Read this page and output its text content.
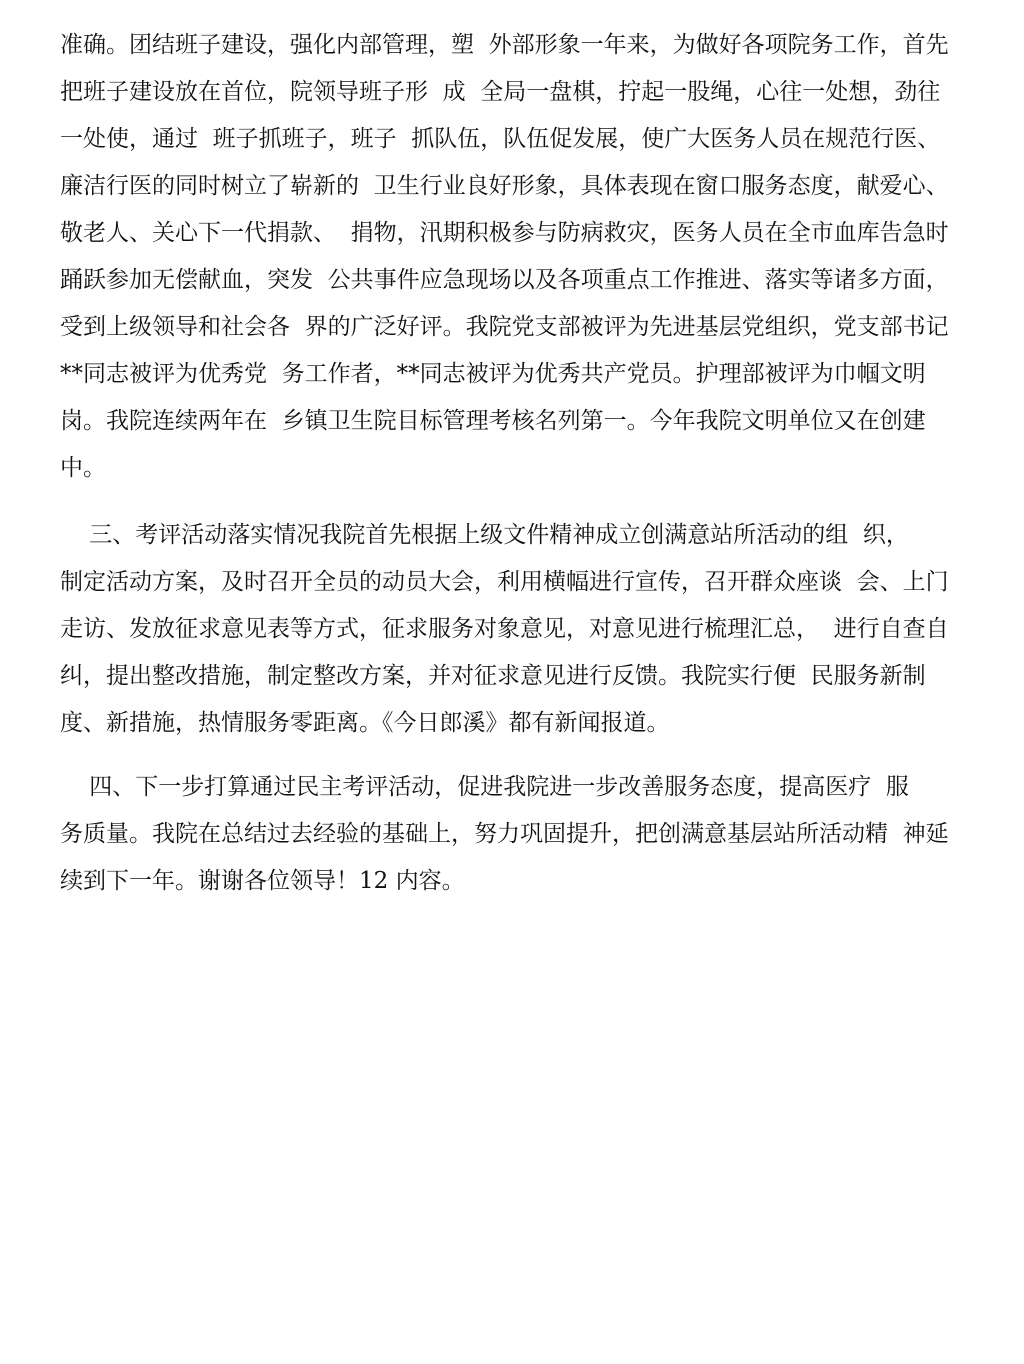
准确。团结班子建设，强化内部管理，塑  外部形象一年来，为做好各项院务工作，首先
把班子建设放在首位，院领导班子形  成  全局一盘棋，拧起一股绳，心往一处想，劲往
一处使，通过  班子抓班子，班子  抓队伍，队伍促发展，使广大医务人员在规范行医、
廉洁行医的同时树立了崭新的  卫生行业良好形象，具体表现在窗口服务态度，献爱心、
敬老人、关心下一代捐款、  捐物，汛期积极参与防病救灾，医务人员在全市血库告急时
踊跃参加无偿献血，突发  公共事件应急现场以及各项重点工作推进、落实等诸多方面，
受到上级领导和社会各  界的广泛好评。我院党支部被评为先进基层党组织，党支部书记
**同志被评为优秀党  务工作者，**同志被评为优秀共产党员。护理部被评为巾帼文明
岗。我院连续两年在  乡镇卫生院目标管理考核名列第一。今年我院文明单位又在创建
中。
三、考评活动落实情况我院首先根据上级文件精神成立创满意站所活动的组  织，
制定活动方案，及时召开全员的动员大会，利用横幅进行宣传，召开群众座谈  会、上门
走访、发放征求意见表等方式，征求服务对象意见，对意见进行梳理汇总，  进行自查自
纠，提出整改措施，制定整改方案，并对征求意见进行反馈。我院实行便  民服务新制
度、新措施，热情服务零距离。《今日郎溪》都有新闻报道。
四、下一步打算通过民主考评活动，促进我院进一步改善服务态度，提高医疗  服
务质量。我院在总结过去经验的基础上，努力巩固提升，把创满意基层站所活动精  神延
续到下一年。谢谢各位领导！12 内容。
